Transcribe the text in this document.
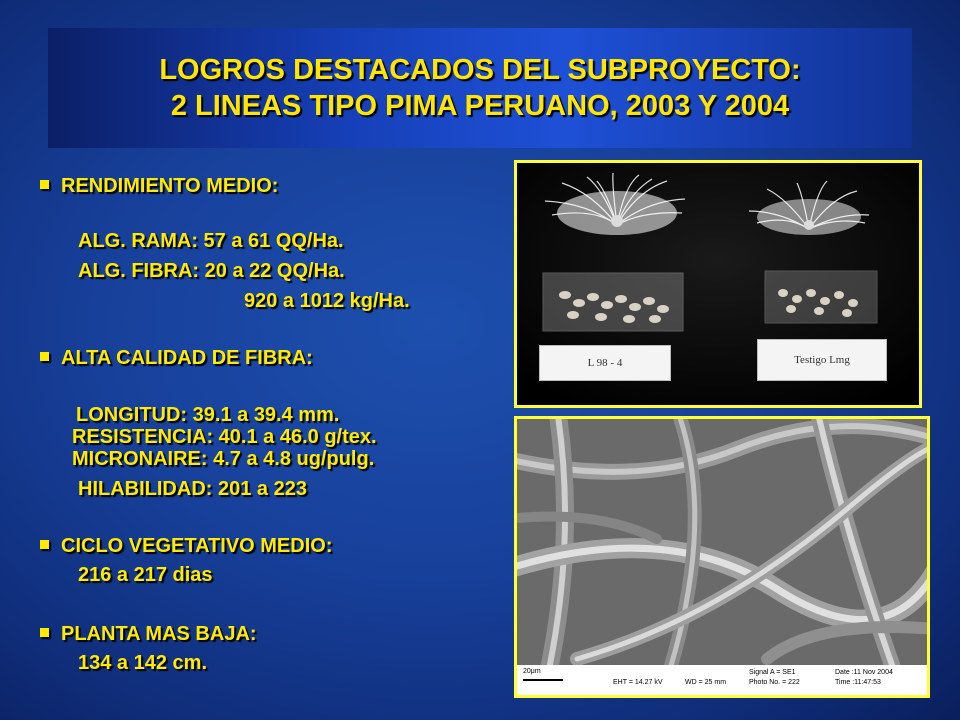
LOGROS DESTACADOS DEL SUBPROYECTO:
2 LINEAS TIPO PIMA PERUANO, 2003 Y 2004
RENDIMIENTO MEDIO:
ALG. RAMA: 57 a 61 QQ/Ha.
ALG. FIBRA: 20 a 22 QQ/Ha.
920 a 1012 kg/Ha.
ALTA CALIDAD DE FIBRA:
LONGITUD: 39.1 a 39.4 mm.
RESISTENCIA: 40.1 a 46.0 g/tex.
MICRONAIRE: 4.7 a 4.8 ug/pulg.
HILABILIDAD: 201 a 223
CICLO VEGETATIVO MEDIO:
216 a 217 dias
PLANTA MAS BAJA:
134 a 142 cm.
L 98 - 4	Testigo Lmg
20μm
EHT = 14.27 kV	WD = 25 mm
Signal A = SE1
Photo No. = 222
Date :11 Nov 2004
Time :11:47:53
